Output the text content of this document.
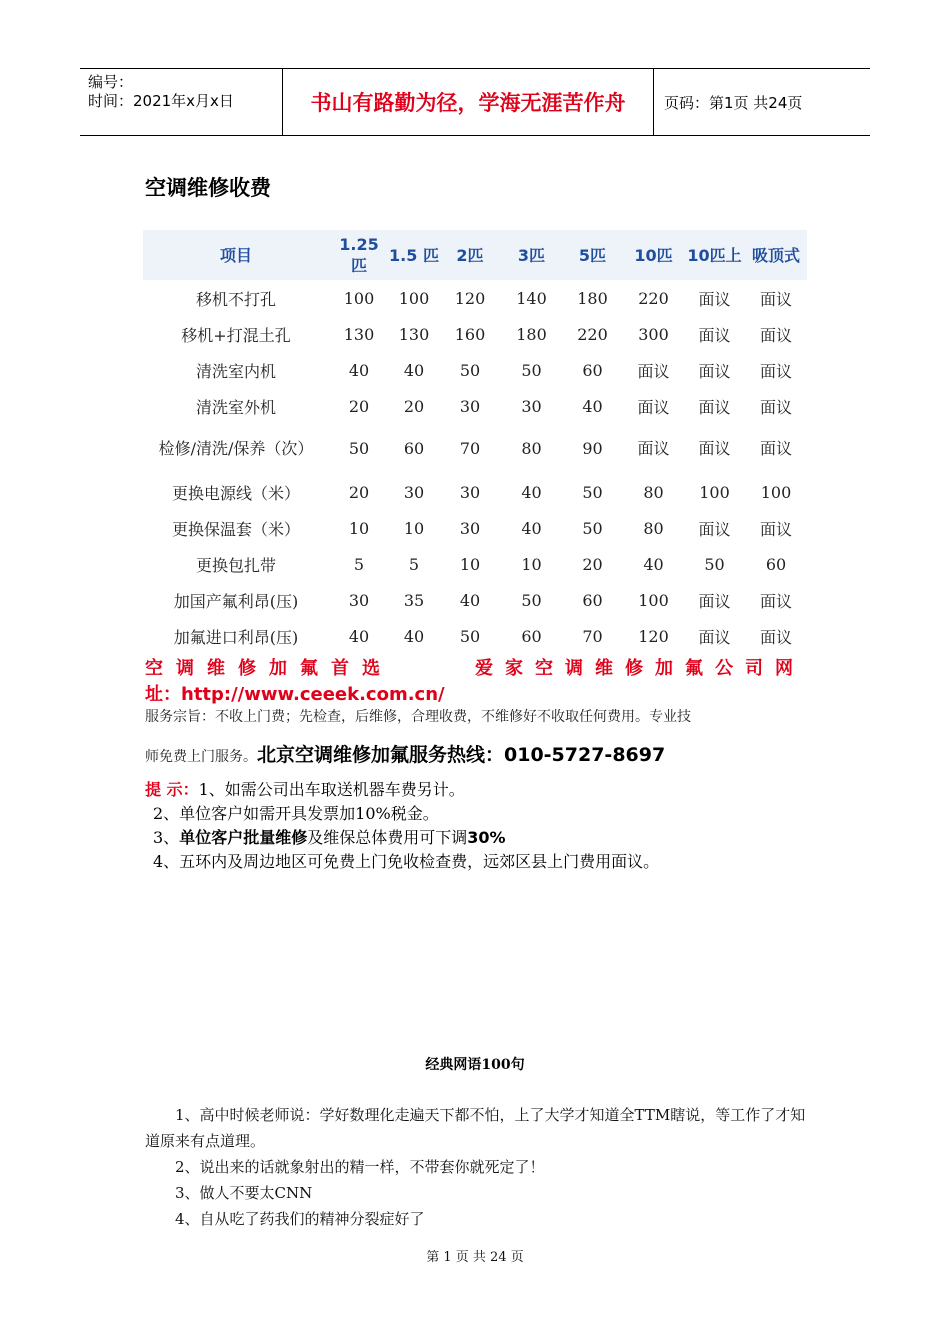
编号：
时间：2021年x月x日	书山有路勤为径，学海无涯苦作舟	页码：第1页 共24页
空调维修收费
项目	1.25 匹	1.5 匹	2匹	3匹	5匹	10匹	10匹上	吸顶式
移机不打孔	100	100	120	140	180	220	面议	面议
移机+打混土孔	130	130	160	180	220	300	面议	面议
清洗室内机	40	40	50	50	60	面议	面议	面议
清洗室外机	20	20	30	30	40	面议	面议	面议
检修/清洗/保养（次）	50	60	70	80	90	面议	面议	面议
更换电源线（米）	20	30	30	40	50	80	100	100
更换保温套（米）	10	10	30	40	50	80	面议	面议
更换包扎带	5	5	10	10	20	40	50	60
加国产氟利昂(压)	30	35	40	50	60	100	面议	面议
加氟进口利昂(压)	40	40	50	60	70	120	面议	面议
空调维修加氟首选	爱家空调维修加氟公司网
址：http://www.ceeek.com.cn/
服务宗旨：不收上门费；先检查，后维修，合理收费，不维修好不收取任何费用。专业技
师免费上门服务。北京空调维修加氟服务热线：010-5727-8697
提 示：1、如需公司出车取送机器车费另计。
2、单位客户如需开具发票加10%税金。
3、单位客户批量维修及维保总体费用可下调30%
4、五环内及周边地区可免费上门免收检查费，远郊区县上门费用面议。
经典网语100句

1、高中时候老师说：学好数理化走遍天下都不怕，上了大学才知道全TTM瞎说，等工作了才知道原来有点道理。

2、说出来的话就象射出的精一样，不带套你就死定了！

3、做人不要太CNN

4、自从吃了药我们的精神分裂症好了

第 1 页 共 24 页
